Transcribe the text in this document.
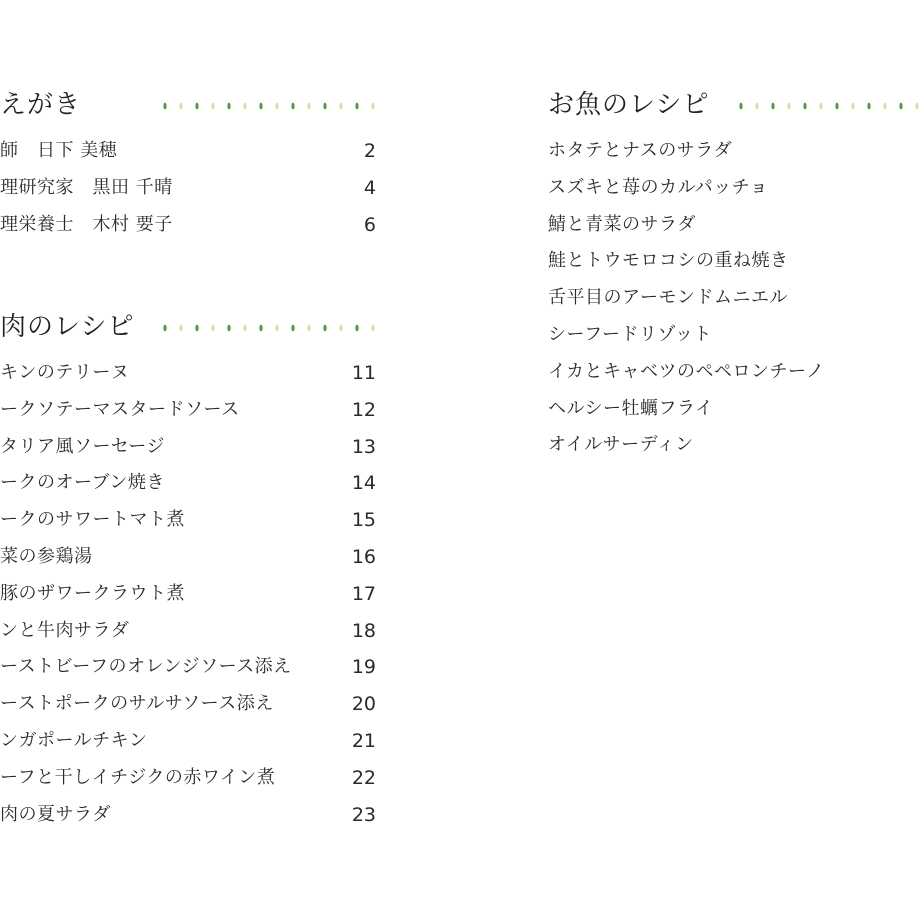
えがき
師　日下 美穂	2
理研究家　黒田 千晴	4
理栄養士　木村 要子	6
肉のレシピ
キンのテリーヌ	11
ークソテーマスタードソース	12
タリア風ソーセージ	13
ークのオーブン焼き	14
ークのサワートマト煮	15
菜の参鶏湯	16
豚のザワークラウト煮	17
ンと牛肉サラダ	18
ーストビーフのオレンジソース添え	19
ーストポークのサルサソース添え	20
ンガポールチキン	21
ーフと干しイチジクの赤ワイン煮	22
肉の夏サラダ	23
お魚のレシピ
ホタテとナスのサラダ
スズキと苺のカルパッチョ
鯖と青菜のサラダ
鮭とトウモロコシの重ね焼き
舌平目のアーモンドムニエル
シーフードリゾット
イカとキャベツのペペロンチーノ
ヘルシー牡蠣フライ
オイルサーディン
